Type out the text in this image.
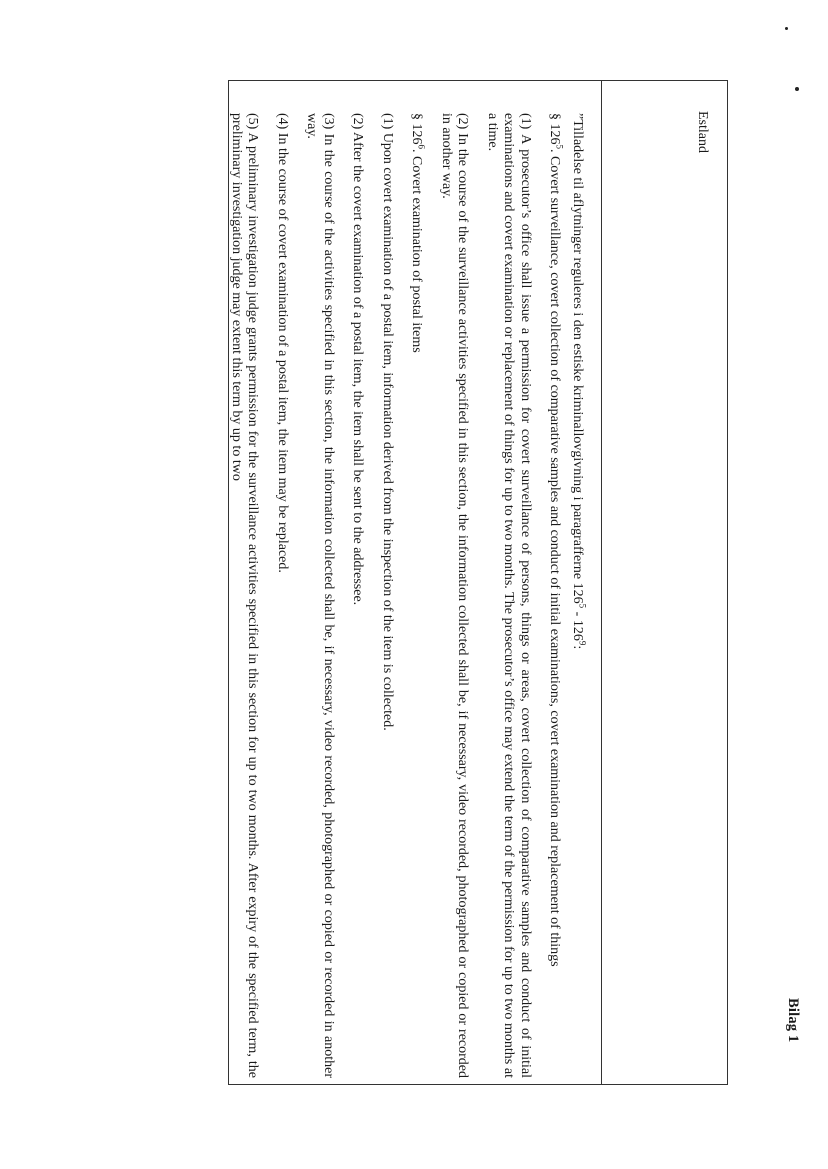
Bilag 1
Estland

”Tilladelse til aflytninger reguleres i den estiske kriminallovgivning i paragrafferne $126^5 - 126^9$:

§ $126^5$. Covert surveillance, covert collection of comparative samples and conduct of initial examinations, covert examination and replacement of things

(1) A prosecutor’s office shall issue a permission for covert surveillance of persons, things or areas, covert collection of comparative samples and conduct of initial examinations and covert examination or replacement of things for up to two months. The prosecutor’s office may extend the term of the permission for up to two months at a time.

(2) In the course of the surveillance activities specified in this section, the information collected shall be, if necessary, video recorded, photographed or copied or recorded in another way.

§ $126^6$. Covert examination of postal items

(1) Upon covert examination of a postal item, information derived from the inspection of the item is collected.

(2) After the covert examination of a postal item, the item shall be sent to the addressee.

(3) In the course of the activities specified in this section, the information collected shall be, if necessary, video recorded, photographed or copied or recorded in another way.

(4) In the course of covert examination of a postal item, the item may be replaced.

(5) A preliminary investigation judge grants permission for the surveillance activities specified in this section for up to two months. After expiry of the specified term, the preliminary investigation judge may extent this term by up to two
